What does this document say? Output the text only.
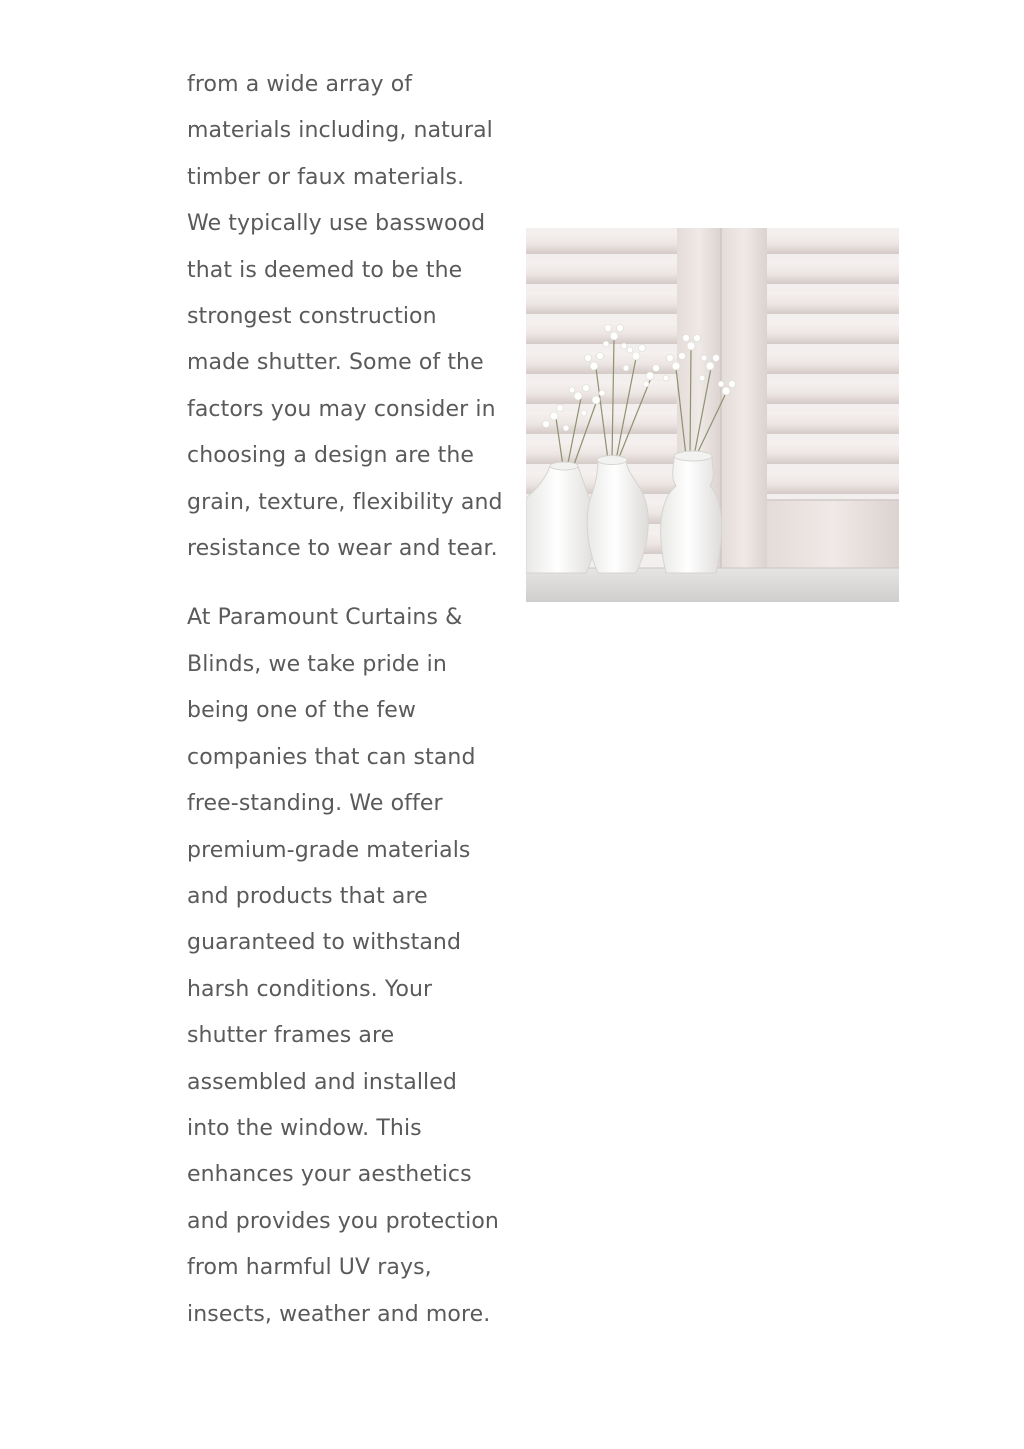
from a wide array of
materials including, natural
timber or faux materials.
We typically use basswood
that is deemed to be the
strongest construction
made shutter. Some of the
factors you may consider in
choosing a design are the
grain, texture, flexibility and
resistance to wear and tear.

At Paramount Curtains &
Blinds, we take pride in
being one of the few
companies that can stand
free-standing. We offer
premium-grade materials
and products that are
guaranteed to withstand
harsh conditions. Your
shutter frames are
assembled and installed
into the window. This
enhances your aesthetics
and provides you protection
from harmful UV rays,
insects, weather and more.
